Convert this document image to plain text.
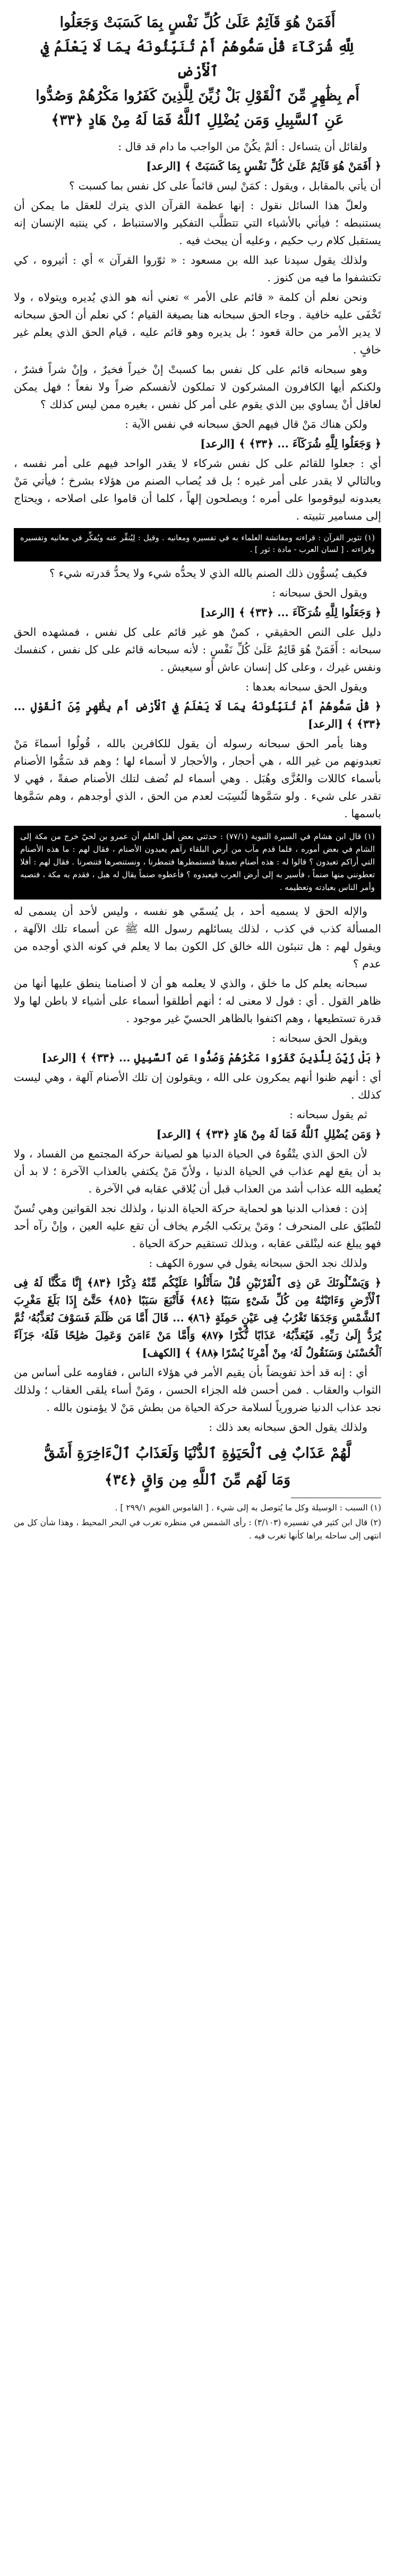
أَفَمَنْ هُوَ قَآئِمٌ عَلَىٰ كُلِّ نَفْسٍ بِمَا كَسَبَتْ وَجَعَلُوا
لِلَّهِ شُرَكَآءَ قُلْ سَمُّوهُمْ أَمْ تُنَبِّئُونَهُ بِمَا لَا يَعْلَمُ فِي ٱلْأَرْضِ
أَم بِظَٰهِرٍ مِّنَ ٱلْقَوْلِ بَلْ زُيِّنَ لِلَّذِينَ كَفَرُوا مَكْرُهُمْ وَصُدُّوا
عَنِ ٱلسَّبِيلِ وَمَن يُضْلِلِ ٱللَّهُ فَمَا لَهُ مِنْ هَادٍ ﴿٣٣﴾

ولقائل أن يتساءل : ألمْ يكُنْ من الواجب ما دام قد قال :

﴿ أَفَمَنْ هُوَ قَآئِمٌ عَلَىٰ كُلِّ نَفْسٍ بِمَا كَسَبَتْ ﴾ [الرعد]

أن يأتي بالمقابل ، ويقول : كمَنْ ليس قائماً على كل نفس بما كسبت ؟

ولعلّ هذا السائل نقول : إنها عظمة القرآن الذي يترك للعقل ما يمكن أن يستنبطه ؛ فيأتي بالأشياء التي تتطلَّب التفكير والاستنباط ، كي ينتبه الإنسان إنه يستقبل كلام رب حكيم ، وعليه أن يبحث فيه .

ولذلك يقول سيدنا عبد الله بن مسعود : « ثوّروا القرآن » أي : أثيروه ، كي تكتشفوا ما فيه من كنوز .

ونحن نعلم أن كلمة « قائم على الأمر » تعني أنه هو الذي يُديره ويتولاه ، ولا تَخْفَى عليه خافية . وجاء الحق سبحانه هنا بصيغة القيام ؛ كي نعلم أن الحق سبحانه لا يدير الأمر من حالة قعود ؛ بل يديره وهو قائم عليه ، قيام الحق الذي يعلم غير خافٍ .

وهو سبحانه قائم على كل نفس بما كسبتْ إنْ خيراً فخيرٌ ، وإنْ شراً فشرٌ ، ولكنكم أيها الكافرون المشركون لا تملكون لأنفسكم ضراً ولا نفعاً ؛ فهل يمكن لعاقل أنْ يساوي بين الذي يقوم على أمر كل نفس ، بغيره ممن ليس كذلك ؟

ولكن هناك مَنْ قال فيهم الحق سبحانه في نفس الآية :

﴿ وَجَعَلُوا لِلَّهِ شُرَكَآءَ ... ﴿٣٣﴾ ﴾ [الرعد]

أي : جعلوا للقائم على كل نفس شركاء لا يقدر الواحد فيهم على أمر نفسه ، وبالتالي لا يقدر على أمر غيره ؛ بل قد يُصاب الصنم من هؤلاء بشرخ ؛ فيأتي مَنْ يعبدونه ليوقوموا على أمره ؛ ويصلحون إلهاً ، كلما أن قاموا على اصلاحه ، ويحتاج إلى مسامير تثبيته .

(١) تثوير القرآن : قراءته ومفاتشة العلماء به في تفسيره ومعانيه . وقيل : لِيُنقِّر عنه ويُفكِّر في معانيه وتفسيره وقراءته . [ لسان العرب - مادة : ثور ] .

فكيف يُسوُّون ذلك الصنم بالله الذي لا يحدُّه شيء ولا يحدُّ قدرته شيء ؟

ويقول الحق سبحانه :

﴿ وَجَعَلُوا لِلَّهِ شُرَكَآءَ ... ﴿٣٣﴾ ﴾ [الرعد]

دليل على النص الحقيقي ، كمنْ هو غير قائم على كل نفس ، فمشهده الحق سبحانه : أَفَمَنْ هُوَ قَائِمٌ عَلَىٰ كُلِّ نَفْسٍ : لأنه سبحانه قائم على كل نفس ، كنفسك ونفس غيرك ، وعلى كل إنسان عاش أو سيعيش .

ويقول الحق سبحانه بعدها :

﴿ قُلْ سَمُّوهُمْ أَمْ تُنَبِّئُونَهُ بِمَا لَا يَعْلَمُ فِي ٱلْأَرْضِ أَم بِظَٰهِرٍ مِّنَ ٱلْقَوْلِ ... ﴿٣٣﴾ ﴾ [الرعد]

وهنا يأمر الحق سبحانه رسوله أن يقول للكافرين بالله ، قُولُوا أسماءَ مَنْ تعبدونهم من غير الله ، هي أحجار ، والأحجار لا أسماء لها ؛ وهم قد سَمُّوا الأصنام بأسماء كاللات والعُزَّى وهُبَل . وهي أسماء لم تُضف لتلك الأصنام صفةً ، فهي لا تقدر على شيء . ولو سَمَّوها لَنُسِبَت لعدم من الحق ، الذي أوجدهم ، وهم سَمَّوها باسمها .

(١) قال ابن هشام في السيرة النبوية (٧٧/١) : حدثني بعض أهل العلم أن عمرو بن لحيّ خرج من مكة إلى الشام في بعض أموره ، فلما قدم مآب من أرض البلقاء رآهم يعبدون الأصنام ، فقال لهم : ما هذه الأصنام التي أراكم تعبدون ؟ قالوا له : هذه أصنام نعبدها فنستمطرها فتمطرنا ، ونستنصرها فتنصرنا . فقال لهم : أفلا تعطونني منها صنماً ، فأسير به إلى أرض العرب فيعبدوه ؟ فأعطوه صنماً يقال له هبل ، فقدم به مكة ، فنصبه وأمر الناس بعبادته وتعظيمه .

والإله الحق لا يسميه أحد ، بل يُسمّي هو نفسه ، وليس لأحد أن يسمى له المسألة كذب في كذب ، لذلك يسائلهم رسول الله ﷺ عن أسماء تلك الآلهة ، ويقول لهم : هل تنبئون الله خالق كل الكون بما لا يعلم في كونه الذي أوجده من عدم ؟

سبحانه يعلم كل ما خلق ، والذي لا يعلمه هو أن لا أصنامنا ينطق عليها أنها من ظاهر القول . أي : قول لا معنى له ؛ أنهم أطلقوا أسماء على أشياء لا باطن لها ولا قدرة تستطيعها ، وهم اكتفوا بالظاهر الحسيّ غير موجود .

ويقول الحق سبحانه :

﴿ بَلْ زُيِّنَ لِلَّذِينَ كَفَرُوا مَكْرُهُمْ وَصُدُّوا عَنِ ٱلسَّبِيلِ ... ﴿٣٣﴾ ﴾ [الرعد]

أي : أنهم ظنوا أنهم يمكرون على الله ، ويقولون إن تلك الأصنام آلهة ، وهي ليست كذلك .

ثم يقول سبحانه :

﴿ وَمَن يُضْلِلِ ٱللَّهُ فَمَا لَهُ مِنْ هَادٍ ﴿٣٣﴾ ﴾ [الرعد]

لأن الحق الذي يتْقُوهُ في الحياة الدنيا هو لصيانة حركة المجتمع من الفساد ، ولا بد أن يقع لهم عذاب في الحياة الدنيا ، ولأنّ مَنْ يكتفي بالعذاب الآخرة ؛ لا بد أن يُعطيه الله عذاب أشد من العذاب قبل أن يُلاقي عقابه في الآخرة .

إذن : فعذاب الدنيا هو لحماية حركة الحياة الدنيا ، ولذلك نجد القوانين وهي تُسنّ لتُطبّق على المنحرف ؛ ومَنْ يرتكب الجُرم يخاف أن تقع عليه العين ، وإنْ رآه أحد فهو يبلغ عنه لينْلقى عقابه ، وبذلك تستقيم حركة الحياة .

ولذلك نجد الحق سبحانه يقول في سورة الكهف :

﴿ وَيَسْـَٔلُونَكَ عَن ذِى ٱلْقَرْنَيْنِ قُلْ سَأَتْلُوا عَلَيْكُم مِّنْهُ ذِكْرًا ﴿٨٣﴾ إِنَّا مَكَّنَّا لَهُ فِى ٱلْأَرْضِ وَءَاتَيْنَٰهُ مِن كُلِّ شَىْءٍ سَبَبًا ﴿٨٤﴾ فَأَتْبَعَ سَبَبًا ﴿٨٥﴾ حَتَّىٰٓ إِذَا بَلَغَ مَغْرِبَ ٱلشَّمْسِ وَجَدَهَا تَغْرُبُ فِى عَيْنٍ حَمِئَةٍ ﴿٨٦﴾ ... قَالَ أَمَّا مَن ظَلَمَ فَسَوْفَ نُعَذِّبُهُۥ ثُمَّ يُرَدُّ إِلَىٰ رَبِّهِۦ فَيُعَذِّبُهُۥ عَذَابًا نُّكْرًا ﴿٨٧﴾ وَأَمَّا مَنْ ءَامَنَ وَعَمِلَ صَٰلِحًا فَلَهُۥ جَزَآءً ٱلْحُسْنَىٰ وَسَنَقُولُ لَهُۥ مِنْ أَمْرِنَا يُسْرًا ﴿٨٨﴾ ﴾ [الكهف]

أي : إنه قد أخذ تفويضاً بأن يقيم الأمر في هؤلاء الناس ، فقاومه على أساس من الثواب والعقاب . فمن أحسن فله الجزاء الحسن ، ومَنْ أساء يلقى العقاب ؛ ولذلك نجد عذاب الدنيا ضرورياً لسلامة حركة الحياة من بطش مَنْ لا يؤمنون بالله .

ولذلك يقول الحق سبحانه بعد ذلك :

لَّهُمْ عَذَابٌ فِى ٱلْحَيَوٰةِ ٱلدُّنْيَا وَلَعَذَابُ ٱلْءَاخِرَةِ أَشَقُّ
وَمَا لَهُم مِّنَ ٱللَّهِ مِن وَاقٍ ﴿٣٤﴾

(١) السبب : الوسيلة وكل ما يُتوصل به إلى شيء . [ القاموس القويم ٢٩٩/١ ] .

(٢) قال ابن كثير في تفسيره (٣/١٠٣) : رأى الشمس في منظره تغرب في البحر المحيط ، وهذا شأن كل من انتهى إلى ساحله يراها كأنها تغرب فيه .
